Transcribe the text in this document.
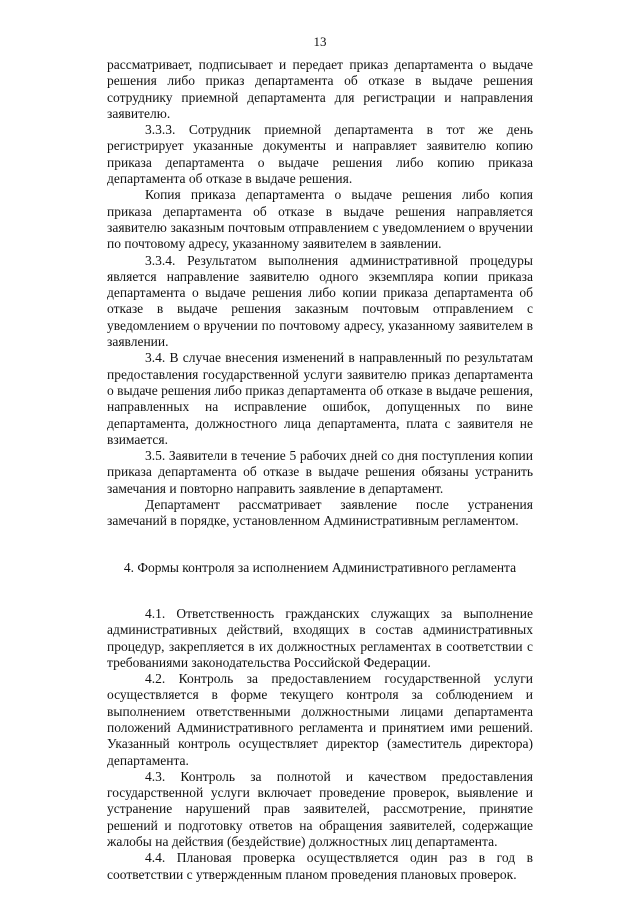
13

рассматривает, подписывает и передает приказ департамента о выдаче решения либо приказ департамента об отказе в выдаче решения сотруднику приемной департамента для регистрации и направления заявителю.

3.3.3. Сотрудник приемной департамента в тот же день регистрирует указанные документы и направляет заявителю копию приказа департамента о выдаче решения либо копию приказа департамента об отказе в выдаче решения.

Копия приказа департамента о выдаче решения либо копия приказа департамента об отказе в выдаче решения направляется заявителю заказным почтовым отправлением с уведомлением о вручении по почтовому адресу, указанному заявителем в заявлении.

3.3.4. Результатом выполнения административной процедуры является направление заявителю одного экземпляра копии приказа департамента о выдаче решения либо копии приказа департамента об отказе в выдаче решения заказным почтовым отправлением с уведомлением о вручении по почтовому адресу, указанному заявителем в заявлении.

3.4. В случае внесения изменений в направленный по результатам предоставления государственной услуги заявителю приказ департамента о выдаче решения либо приказ департамента об отказе в выдаче решения, направленных на исправление ошибок, допущенных по вине департамента, должностного лица департамента, плата с заявителя не взимается.

3.5. Заявители в течение 5 рабочих дней со дня поступления копии приказа департамента об отказе в выдаче решения обязаны устранить замечания и повторно направить заявление в департамент.

Департамент рассматривает заявление после устранения замечаний в порядке, установленном Административным регламентом.

4. Формы контроля за исполнением Административного регламента

4.1. Ответственность гражданских служащих за выполнение административных действий, входящих в состав административных процедур, закрепляется в их должностных регламентах в соответствии с требованиями законодательства Российской Федерации.

4.2. Контроль за предоставлением государственной услуги осуществляется в форме текущего контроля за соблюдением и выполнением ответственными должностными лицами департамента положений Административного регламента и принятием ими решений. Указанный контроль осуществляет директор (заместитель директора) департамента.

4.3. Контроль за полнотой и качеством предоставления государственной услуги включает проведение проверок, выявление и устранение нарушений прав заявителей, рассмотрение, принятие решений и подготовку ответов на обращения заявителей, содержащие жалобы на действия (бездействие) должностных лиц департамента.

4.4. Плановая проверка осуществляется один раз в год в соответствии с утвержденным планом проведения плановых проверок.
